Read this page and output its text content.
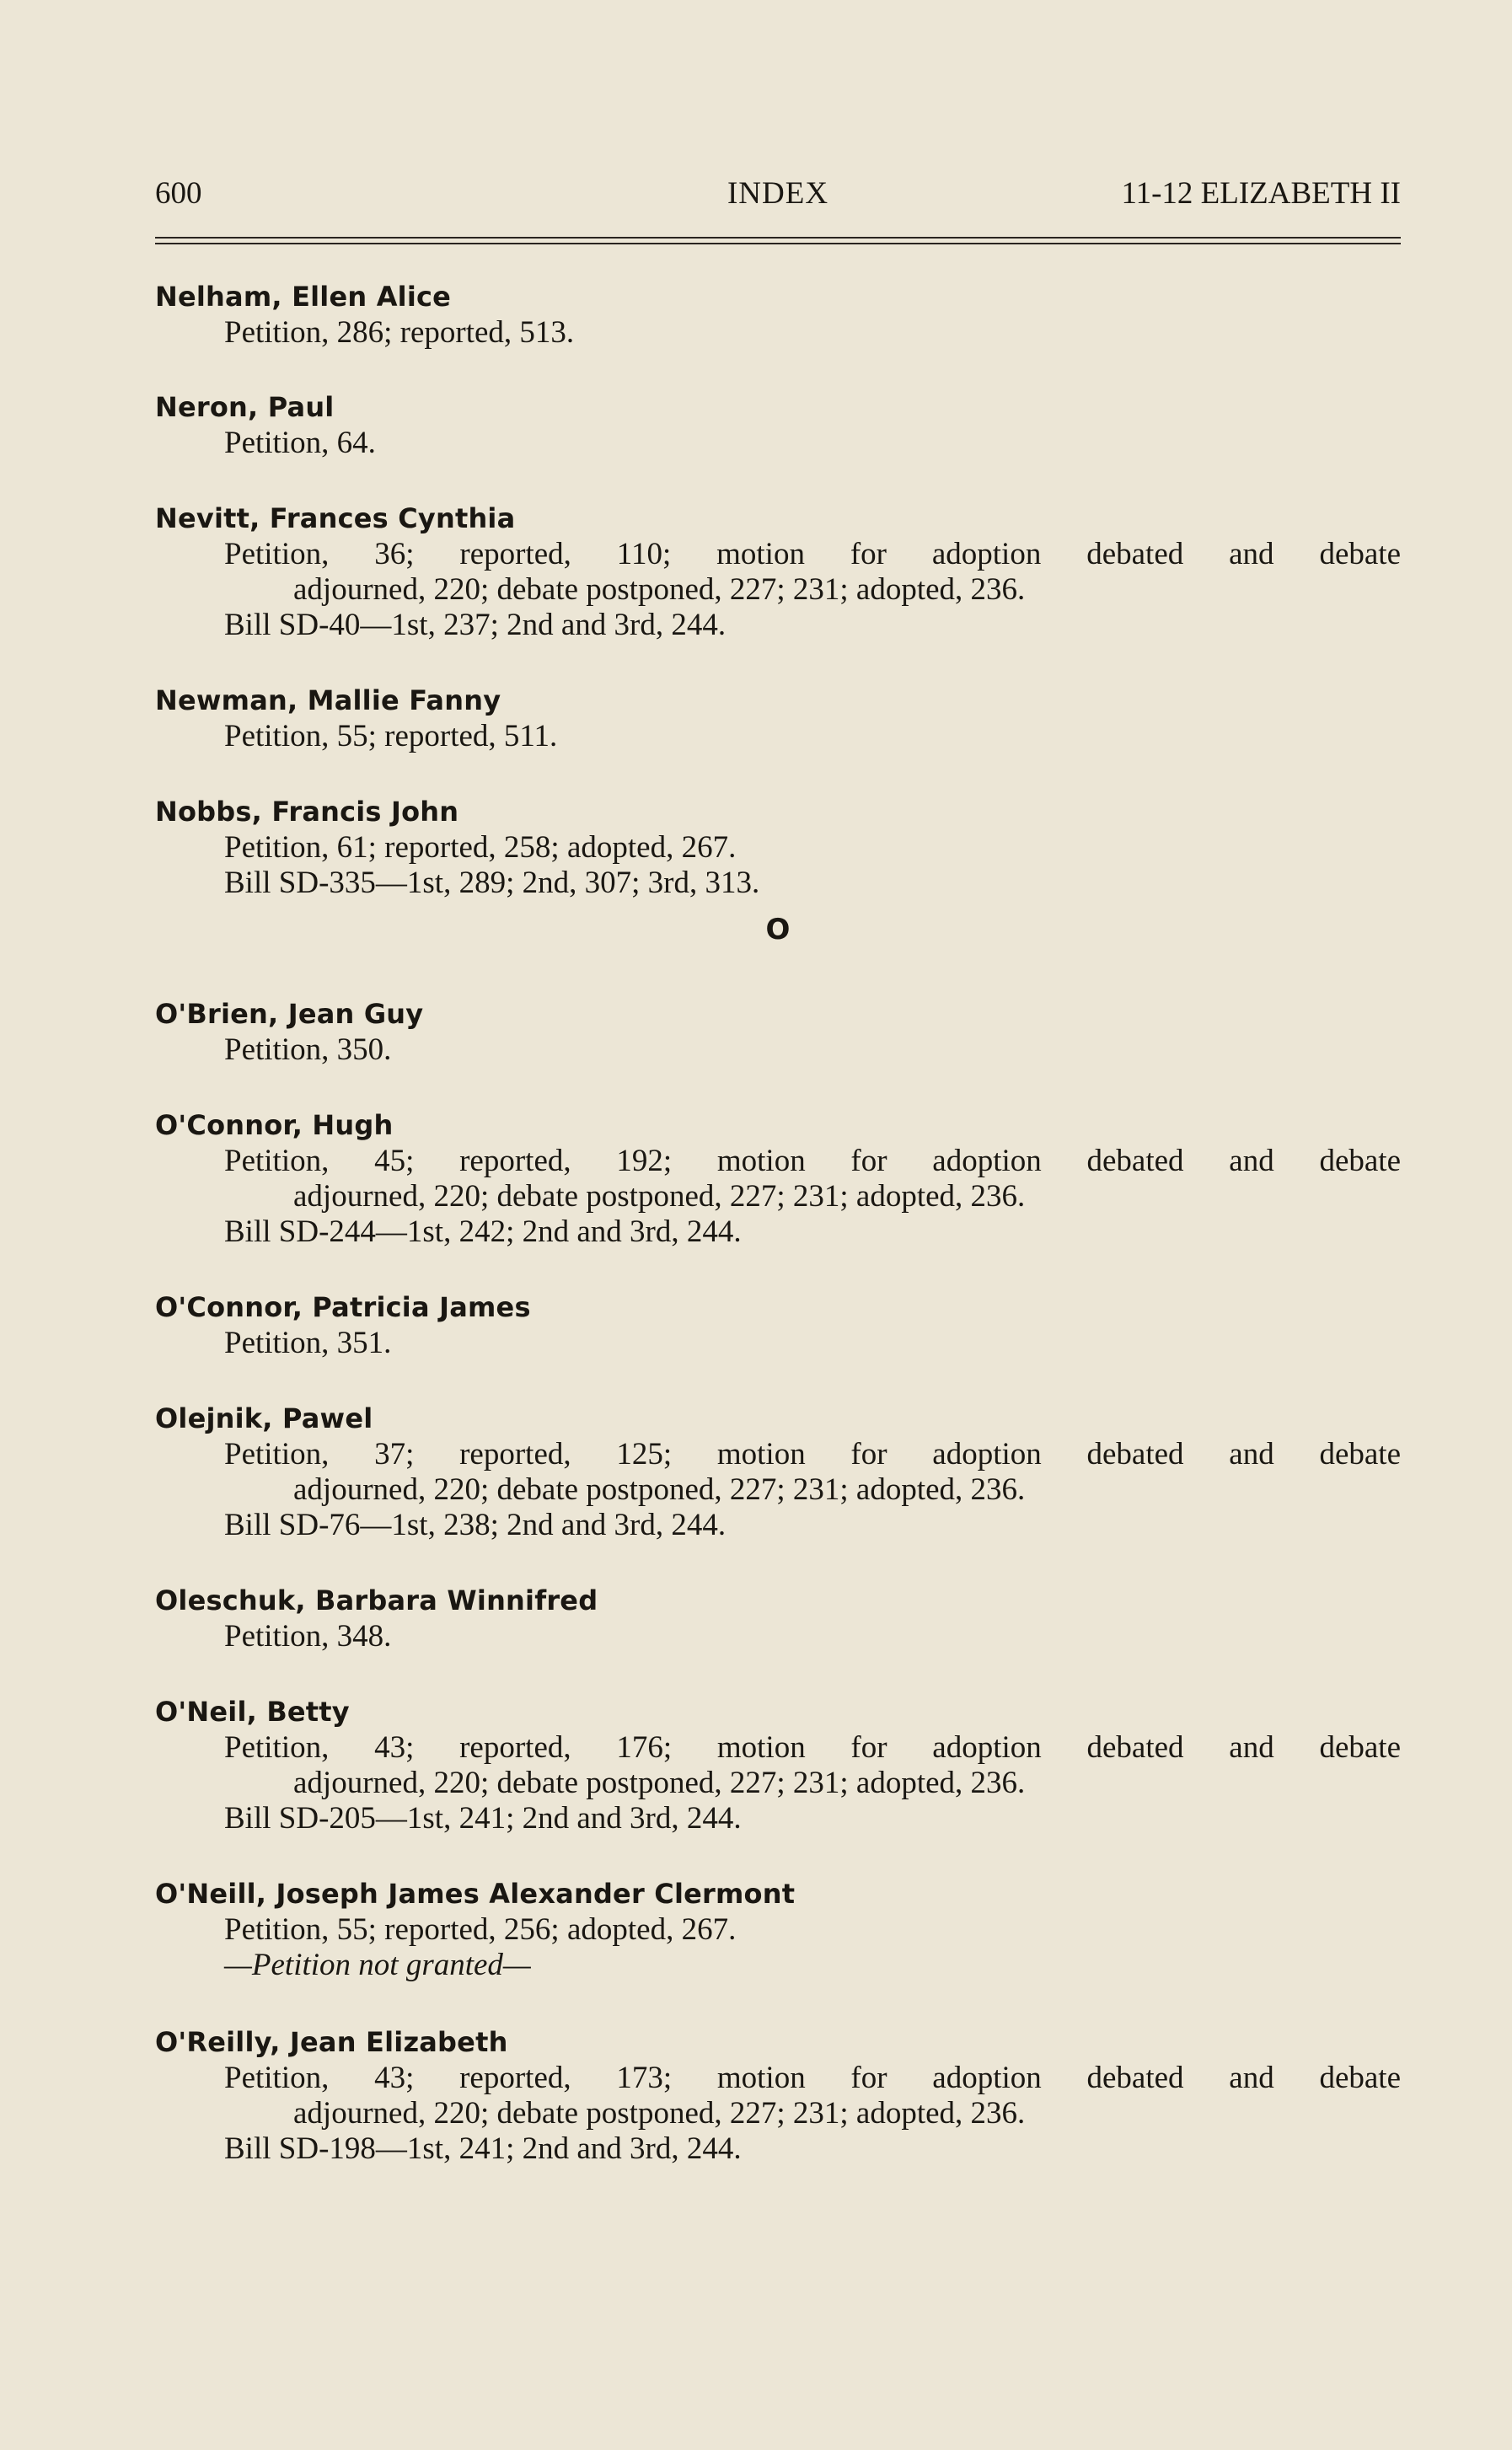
600	INDEX	11-12 ELIZABETH II
Nelham, Ellen Alice
Petition, 286; reported, 513.
Neron, Paul
Petition, 64.
Nevitt, Frances Cynthia
Petition, 36; reported, 110; motion for adoption debated and debate
adjourned, 220; debate postponed, 227; 231; adopted, 236.
Bill SD-40—1st, 237; 2nd and 3rd, 244.
Newman, Mallie Fanny
Petition, 55; reported, 511.
Nobbs, Francis John
Petition, 61; reported, 258; adopted, 267.
Bill SD-335—1st, 289; 2nd, 307; 3rd, 313.
O
O'Brien, Jean Guy
Petition, 350.
O'Connor, Hugh
Petition, 45; reported, 192; motion for adoption debated and debate
adjourned, 220; debate postponed, 227; 231; adopted, 236.
Bill SD-244—1st, 242; 2nd and 3rd, 244.
O'Connor, Patricia James
Petition, 351.
Olejnik, Pawel
Petition, 37; reported, 125; motion for adoption debated and debate
adjourned, 220; debate postponed, 227; 231; adopted, 236.
Bill SD-76—1st, 238; 2nd and 3rd, 244.
Oleschuk, Barbara Winnifred
Petition, 348.
O'Neil, Betty
Petition, 43; reported, 176; motion for adoption debated and debate
adjourned, 220; debate postponed, 227; 231; adopted, 236.
Bill SD-205—1st, 241; 2nd and 3rd, 244.
O'Neill, Joseph James Alexander Clermont
Petition, 55; reported, 256; adopted, 267.
—Petition not granted—
O'Reilly, Jean Elizabeth
Petition, 43; reported, 173; motion for adoption debated and debate
adjourned, 220; debate postponed, 227; 231; adopted, 236.
Bill SD-198—1st, 241; 2nd and 3rd, 244.
